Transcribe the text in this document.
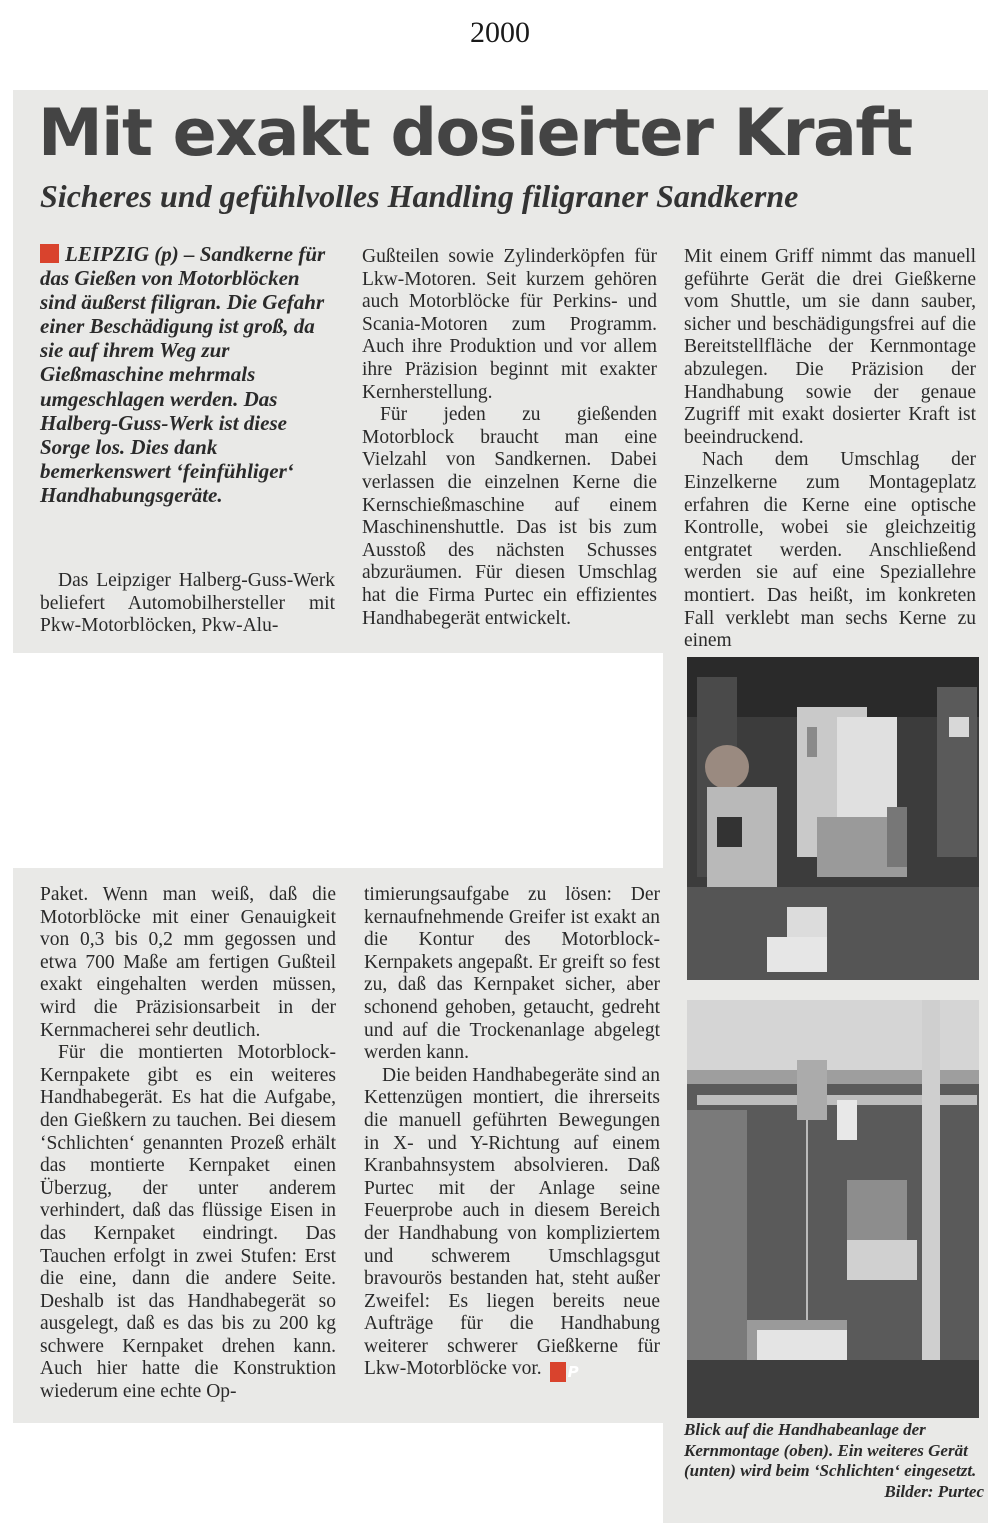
2000
Mit exakt dosierter Kraft
Sicheres und gefühlvolles Handling filigraner Sandkerne
LEIPZIG (p) – Sandkerne für das Gießen von Motorblöcken sind äußerst filigran. Die Gefahr einer Beschädigung ist groß, da sie auf ihrem Weg zur Gießmaschine mehrmals umgeschlagen werden. Das Halberg-Guss-Werk ist diese Sorge los. Dies dank bemerkenswert ‘feinfühliger‘ Handhabungsgeräte.

Das Leipziger Halberg-Guss-Werk beliefert Automobilhersteller mit Pkw-Motorblöcken, Pkw-Alu-

Gußteilen sowie Zylinderköpfen für Lkw-Motoren. Seit kurzem gehören auch Motorblöcke für Perkins- und Scania-Motoren zum Programm. Auch ihre Produktion und vor allem ihre Präzision beginnt mit exakter Kernherstellung.

Für jeden zu gießenden Motorblock braucht man eine Vielzahl von Sandkernen. Dabei verlassen die einzelnen Kerne die Kernschießmaschine auf einem Maschinenshuttle. Das ist bis zum Ausstoß des nächsten Schusses abzuräumen. Für diesen Umschlag hat die Firma Purtec ein effizientes Handhabegerät entwickelt.

Mit einem Griff nimmt das manuell geführte Gerät die drei Gießkerne vom Shuttle, um sie dann sauber, sicher und beschädigungsfrei auf die Bereitstellfläche der Kernmontage abzulegen. Die Präzision der Handhabung sowie der genaue Zugriff mit exakt dosierter Kraft ist beeindruckend.

Nach dem Umschlag der Einzelkerne zum Montageplatz erfahren die Kerne eine optische Kontrolle, wobei sie gleichzeitig entgratet werden. Anschließend werden sie auf eine Speziallehre montiert. Das heißt, im konkreten Fall verklebt man sechs Kerne zu einem

Paket. Wenn man weiß, daß die Motorblöcke mit einer Genauigkeit von 0,3 bis 0,2 mm gegossen und etwa 700 Maße am fertigen Gußteil exakt eingehalten werden müssen, wird die Präzisionsarbeit in der Kernmacherei sehr deutlich.

Für die montierten Motorblock-Kernpakete gibt es ein weiteres Handhabegerät. Es hat die Aufgabe, den Gießkern zu tauchen. Bei diesem ‘Schlichten‘ genannten Prozeß erhält das montierte Kernpaket einen Überzug, der unter anderem verhindert, daß das flüssige Eisen in das Kernpaket eindringt. Das Tauchen erfolgt in zwei Stufen: Erst die eine, dann die andere Seite. Deshalb ist das Handhabegerät so ausgelegt, daß es das bis zu 200 kg schwere Kernpaket drehen kann. Auch hier hatte die Konstruktion wiederum eine echte Op-

timierungsaufgabe zu lösen: Der kernaufnehmende Greifer ist exakt an die Kontur des Motorblock-Kernpakets angepaßt. Er greift so fest zu, daß das Kernpaket sicher, aber schonend gehoben, getaucht, gedreht und auf die Trockenanlage abgelegt werden kann.

Die beiden Handhabegeräte sind an Kettenzügen montiert, die ihrerseits die manuell geführten Bewegungen in X- und Y-Richtung auf einem Kranbahnsystem absolvieren. Daß Purtec mit der Anlage seine Feuerprobe auch in diesem Bereich der Handhabung von kompliziertem und schwerem Umschlagsgut bravourös bestanden hat, steht außer Zweifel: Es liegen bereits neue Aufträge für die Handhabung weiterer schwerer Gießkerne für Lkw-Motorblöcke vor. P

Blick auf die Handhabeanlage der Kernmontage (oben). Ein weiteres Gerät (unten) wird beim ‘Schlichten‘ eingesetzt.
Bilder: Purtec
